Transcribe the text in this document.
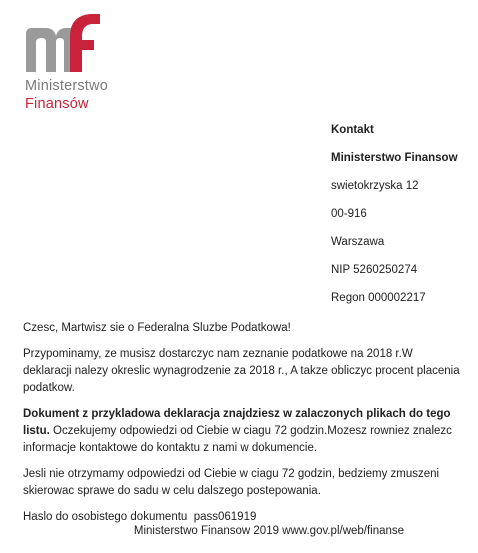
Ministerstwo
Finansów
Kontakt
Ministerstwo Finansow
swietokrzyska 12
00-916
Warszawa
NIP 5260250274
Regon 000002217

Czesc, Martwisz sie o Federalna Sluzbe Podatkowa!

Przypominamy, ze musisz dostarczyc nam zeznanie podatkowe na 2018 r.W deklaracji nalezy okreslic wynagrodzenie za 2018 r., A takze obliczyc procent placenia podatkow.

Dokument z przykladowa deklaracja znajdziesz w zalaczonych plikach do tego listu. Oczekujemy odpowiedzi od Ciebie w ciagu 72 godzin.Mozesz rowniez znalezc informacje kontaktowe do kontaktu z nami w dokumencie.

Jesli nie otrzymamy odpowiedzi od Ciebie w ciagu 72 godzin, bedziemy zmuszeni skierowac sprawe do sadu w celu dalszego postepowania.

Haslo do osobistego dokumentu  pass061919

Ministerstwo Finansow 2019 www.gov.pl/web/finanse
